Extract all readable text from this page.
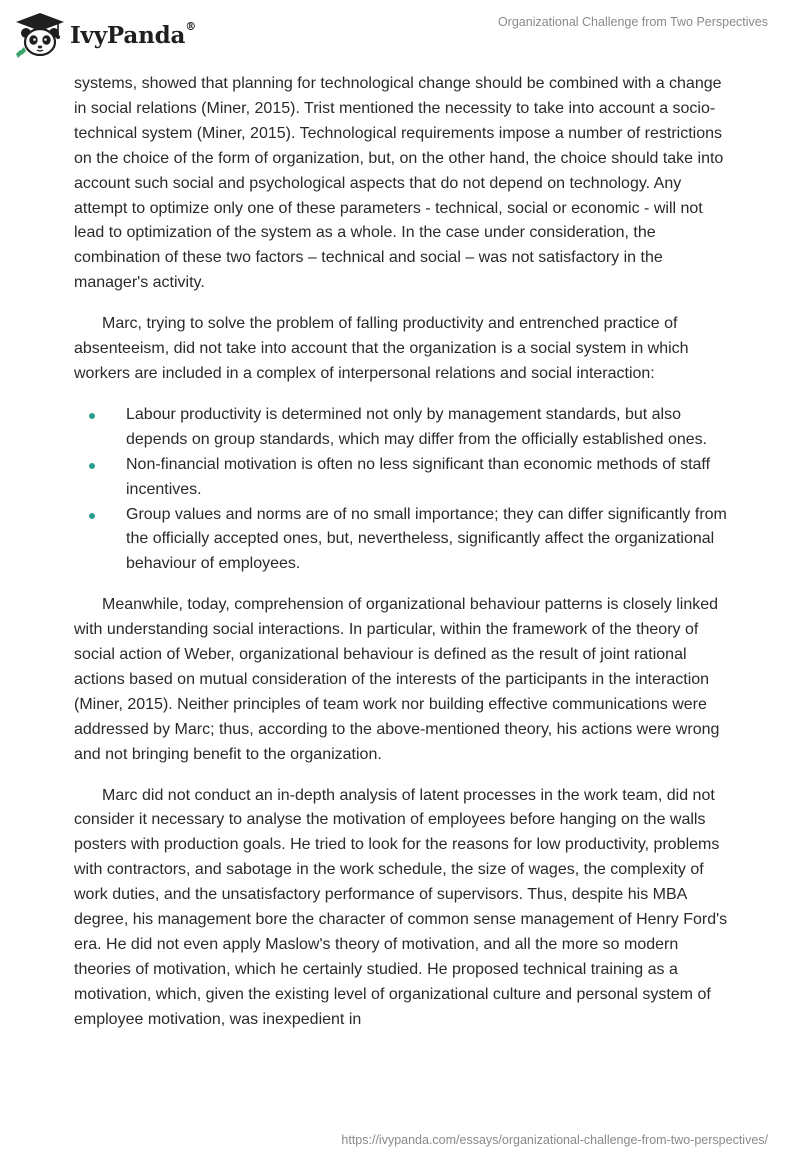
IvyPanda®	Organizational Challenge from Two Perspectives

systems, showed that planning for technological change should be combined with a change in social relations (Miner, 2015). Trist mentioned the necessity to take into account a socio-technical system (Miner, 2015). Technological requirements impose a number of restrictions on the choice of the form of organization, but, on the other hand, the choice should take into account such social and psychological aspects that do not depend on technology. Any attempt to optimize only one of these parameters - technical, social or economic - will not lead to optimization of the system as a whole. In the case under consideration, the combination of these two factors – technical and social – was not satisfactory in the manager's activity.

Marc, trying to solve the problem of falling productivity and entrenched practice of absenteeism, did not take into account that the organization is a social system in which workers are included in a complex of interpersonal relations and social interaction:

Labour productivity is determined not only by management standards, but also depends on group standards, which may differ from the officially established ones.
Non-financial motivation is often no less significant than economic methods of staff incentives.
Group values and norms are of no small importance; they can differ significantly from the officially accepted ones, but, nevertheless, significantly affect the organizational behaviour of employees.

Meanwhile, today, comprehension of organizational behaviour patterns is closely linked with understanding social interactions. In particular, within the framework of the theory of social action of Weber, organizational behaviour is defined as the result of joint rational actions based on mutual consideration of the interests of the participants in the interaction (Miner, 2015). Neither principles of team work nor building effective communications were addressed by Marc; thus, according to the above-mentioned theory, his actions were wrong and not bringing benefit to the organization.

Marc did not conduct an in-depth analysis of latent processes in the work team, did not consider it necessary to analyse the motivation of employees before hanging on the walls posters with production goals. He tried to look for the reasons for low productivity, problems with contractors, and sabotage in the work schedule, the size of wages, the complexity of work duties, and the unsatisfactory performance of supervisors. Thus, despite his MBA degree, his management bore the character of common sense management of Henry Ford's era. He did not even apply Maslow's theory of motivation, and all the more so modern theories of motivation, which he certainly studied. He proposed technical training as a motivation, which, given the existing level of organizational culture and personal system of employee motivation, was inexpedient in

https://ivypanda.com/essays/organizational-challenge-from-two-perspectives/
